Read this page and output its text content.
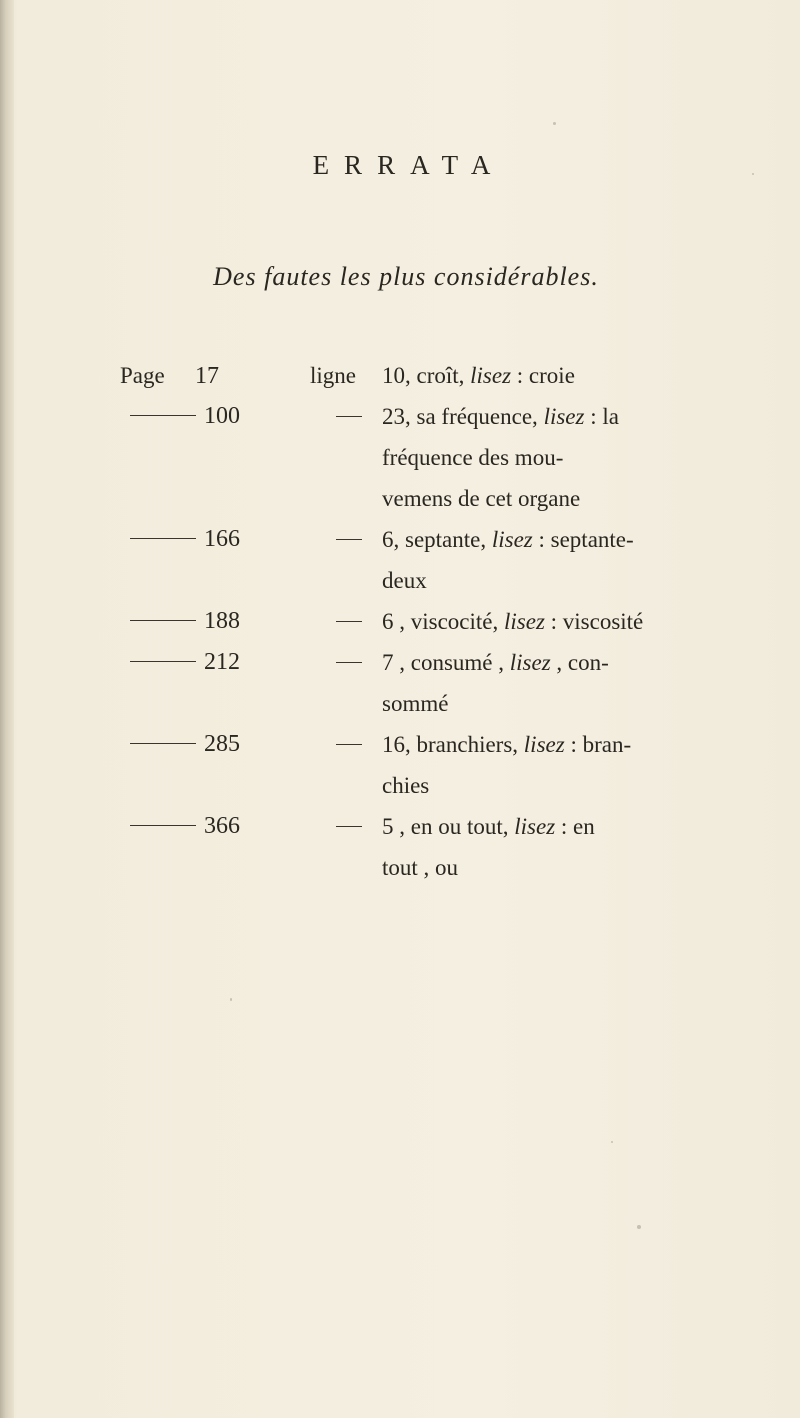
ERRATA
Des fautes les plus considérables.
Page	17	ligne	10, croît, lisez : croie
100	23, sa fréquence, lisez : la
fréquence des mou-
vemens de cet organe
166	6, septante, lisez : septante-
deux
188	6 , viscocité, lisez : viscosité
212	7 , consumé , lisez , con-
sommé
285	16, branchiers, lisez : bran-
chies
366	5 , en ou tout, lisez : en
tout , ou
